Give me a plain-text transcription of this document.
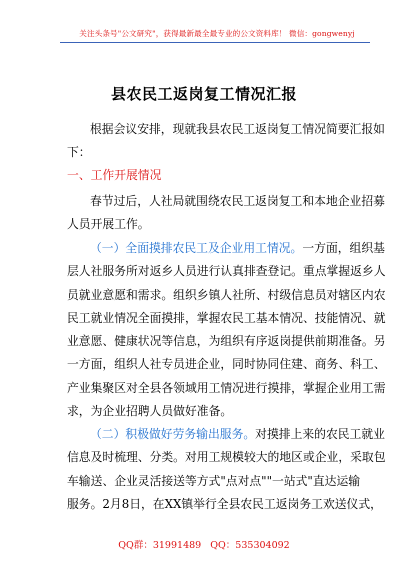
关注头条号"公文研究"，获得最新最全最专业的公文资料库！ 微信：gongwenyj
县农民工返岗复工情况汇报
根据会议安排，现就我县农民工返岗复工情况简要汇报如
下：
一、工作开展情况
春节过后，人社局就围绕农民工返岗复工和本地企业招募
人员开展工作。
（一）全面摸排农民工及企业用工情况。一方面，组织基
层人社服务所对返乡人员进行认真排查登记。重点掌握返乡人
员就业意愿和需求。组织乡镇人社所、村级信息员对辖区内农
民工就业情况全面摸排，掌握农民工基本情况、技能情况、就
业意愿、健康状况等信息，为组织有序返岗提供前期准备。另
一方面，组织人社专员进企业，同时协同住建、商务、科工、
产业集聚区对全县各领域用工情况进行摸排，掌握企业用工需
求，为企业招聘人员做好准备。
（二）积极做好劳务输出服务。对摸排上来的农民工就业
信息及时梳理、分类。对用工规模较大的地区或企业，采取包
车输送、企业灵活接送等方式"点对点""一站式"直达运输
服务。2月8日，在XX镇举行全县农民工返岗务工欢送仪式，
QQ群：31991489 QQ：535304092
